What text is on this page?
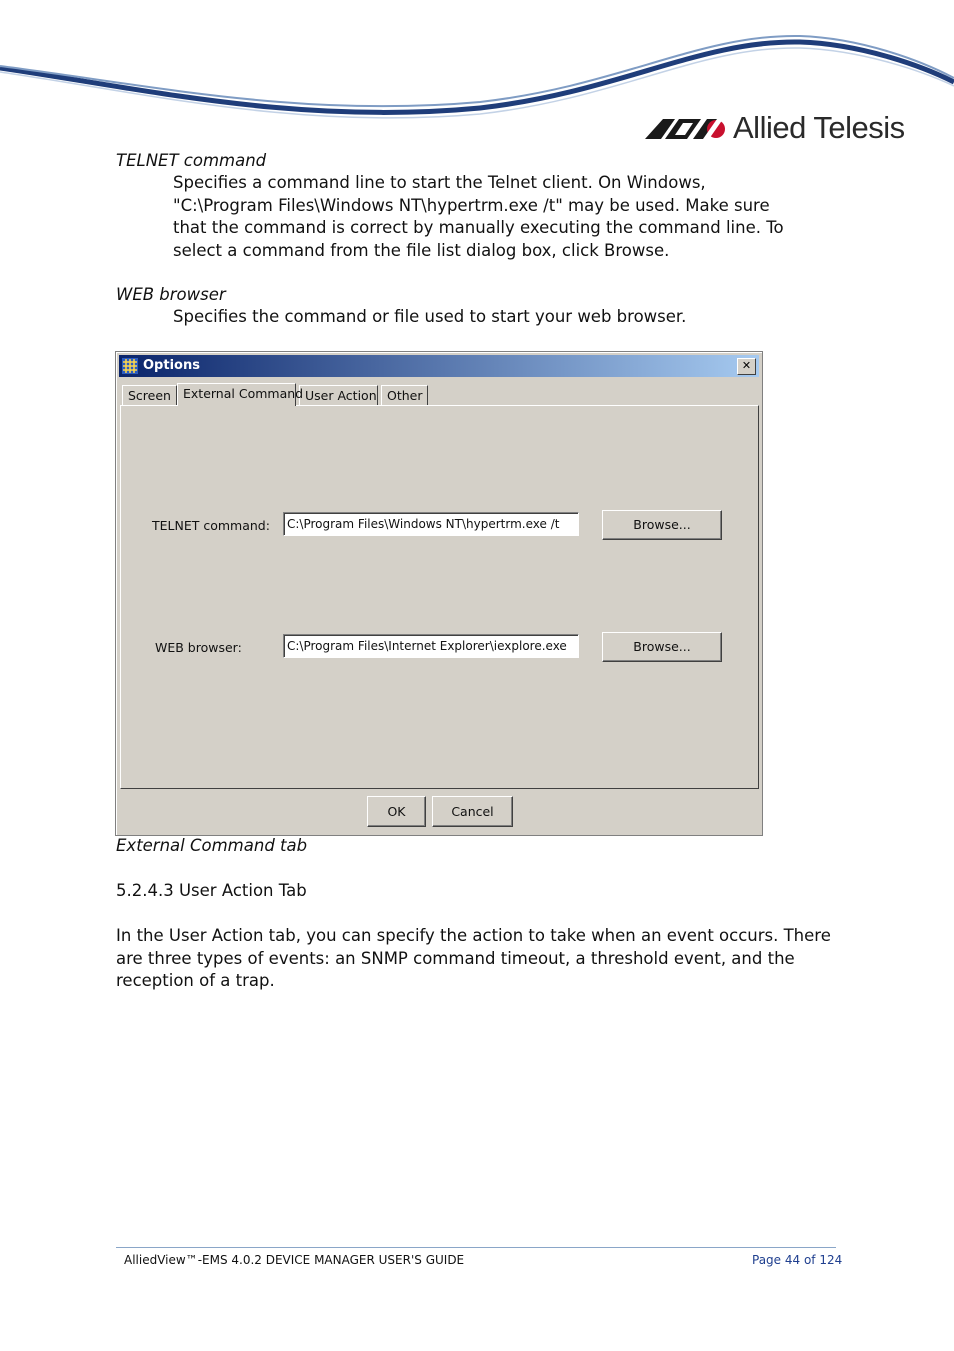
Allied Telesis
TELNET command
Specifies a command line to start the Telnet client. On Windows, "C:\Program Files\Windows NT\hypertrm.exe /t" may be used. Make sure that the command is correct by manually executing the command line. To select a command from the file list dialog box, click Browse.
WEB browser
Specifies the command or file used to start your web browser.
Options	✕
Screen External Command User Action Other
TELNET command:	C:\Program Files\Windows NT\hypertrm.exe /t	Browse...
WEB browser:	C:\Program Files\Internet Explorer\iexplore.exe	Browse...
OK	Cancel
External Command tab
5.2.4.3 User Action Tab
In the User Action tab, you can specify the action to take when an event occurs. There are three types of events: an SNMP command timeout, a threshold event, and the reception of a trap.
AlliedView™-EMS 4.0.2 DEVICE MANAGER USER'S GUIDE	Page 44 of 124
